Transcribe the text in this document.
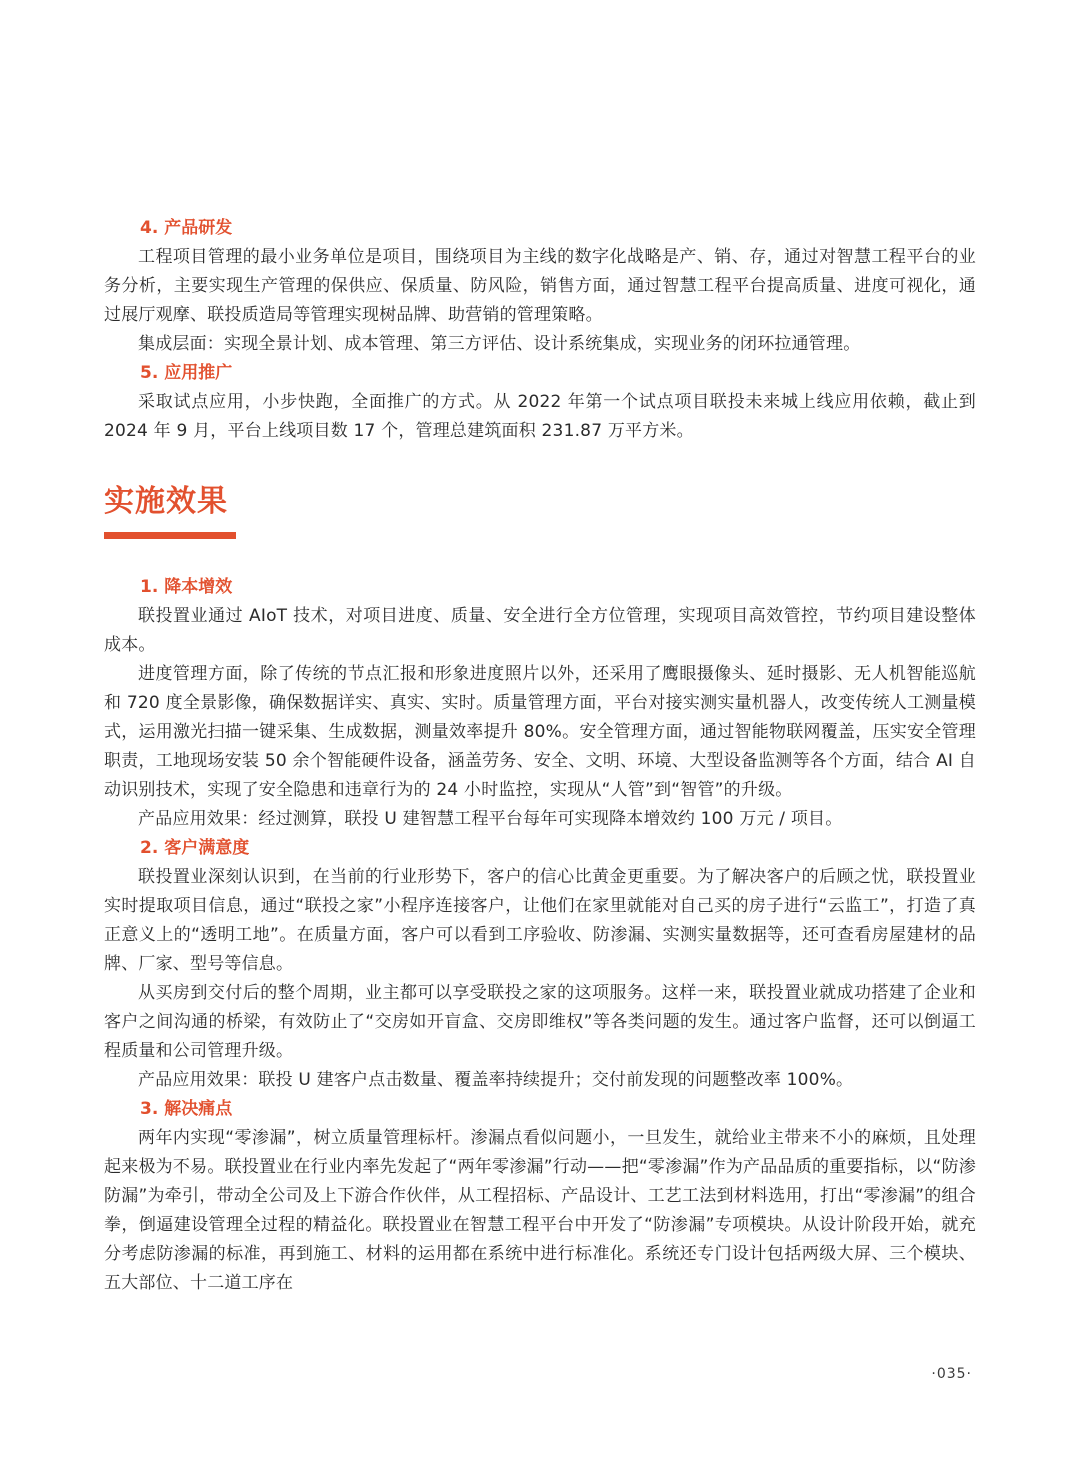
4. 产品研发

工程项目管理的最小业务单位是项目，围绕项目为主线的数字化战略是产、销、存，通过对智慧工程平台的业务分析，主要实现生产管理的保供应、保质量、防风险，销售方面，通过智慧工程平台提高质量、进度可视化，通过展厅观摩、联投质造局等管理实现树品牌、助营销的管理策略。

集成层面：实现全景计划、成本管理、第三方评估、设计系统集成，实现业务的闭环拉通管理。

5. 应用推广

采取试点应用，小步快跑，全面推广的方式。从 2022 年第一个试点项目联投未来城上线应用依赖，截止到 2024 年 9 月，平台上线项目数 17 个，管理总建筑面积 231.87 万平方米。

实施效果
1. 降本增效

联投置业通过 AIoT 技术，对项目进度、质量、安全进行全方位管理，实现项目高效管控，节约项目建设整体成本。

进度管理方面，除了传统的节点汇报和形象进度照片以外，还采用了鹰眼摄像头、延时摄影、无人机智能巡航和 720 度全景影像，确保数据详实、真实、实时。质量管理方面，平台对接实测实量机器人，改变传统人工测量模式，运用激光扫描一键采集、生成数据，测量效率提升 80%。安全管理方面，通过智能物联网覆盖，压实安全管理职责，工地现场安装 50 余个智能硬件设备，涵盖劳务、安全、文明、环境、大型设备监测等各个方面，结合 AI 自动识别技术，实现了安全隐患和违章行为的 24 小时监控，实现从“人管”到“智管”的升级。

产品应用效果：经过测算，联投 U 建智慧工程平台每年可实现降本增效约 100 万元 / 项目。

2. 客户满意度

联投置业深刻认识到，在当前的行业形势下，客户的信心比黄金更重要。为了解决客户的后顾之忧，联投置业实时提取项目信息，通过“联投之家”小程序连接客户，让他们在家里就能对自己买的房子进行“云监工”，打造了真正意义上的“透明工地”。在质量方面，客户可以看到工序验收、防渗漏、实测实量数据等，还可查看房屋建材的品牌、厂家、型号等信息。

从买房到交付后的整个周期，业主都可以享受联投之家的这项服务。这样一来，联投置业就成功搭建了企业和客户之间沟通的桥梁，有效防止了“交房如开盲盒、交房即维权”等各类问题的发生。通过客户监督，还可以倒逼工程质量和公司管理升级。

产品应用效果：联投 U 建客户点击数量、覆盖率持续提升；交付前发现的问题整改率 100%。

3. 解决痛点

两年内实现“零渗漏”，树立质量管理标杆。渗漏点看似问题小，一旦发生，就给业主带来不小的麻烦，且处理起来极为不易。联投置业在行业内率先发起了“两年零渗漏”行动——把“零渗漏”作为产品品质的重要指标，以“防渗防漏”为牵引，带动全公司及上下游合作伙伴，从工程招标、产品设计、工艺工法到材料选用，打出“零渗漏”的组合拳，倒逼建设管理全过程的精益化。联投置业在智慧工程平台中开发了“防渗漏”专项模块。从设计阶段开始，就充分考虑防渗漏的标准，再到施工、材料的运用都在系统中进行标准化。系统还专门设计包括两级大屏、三个模块、五大部位、十二道工序在

·035·
